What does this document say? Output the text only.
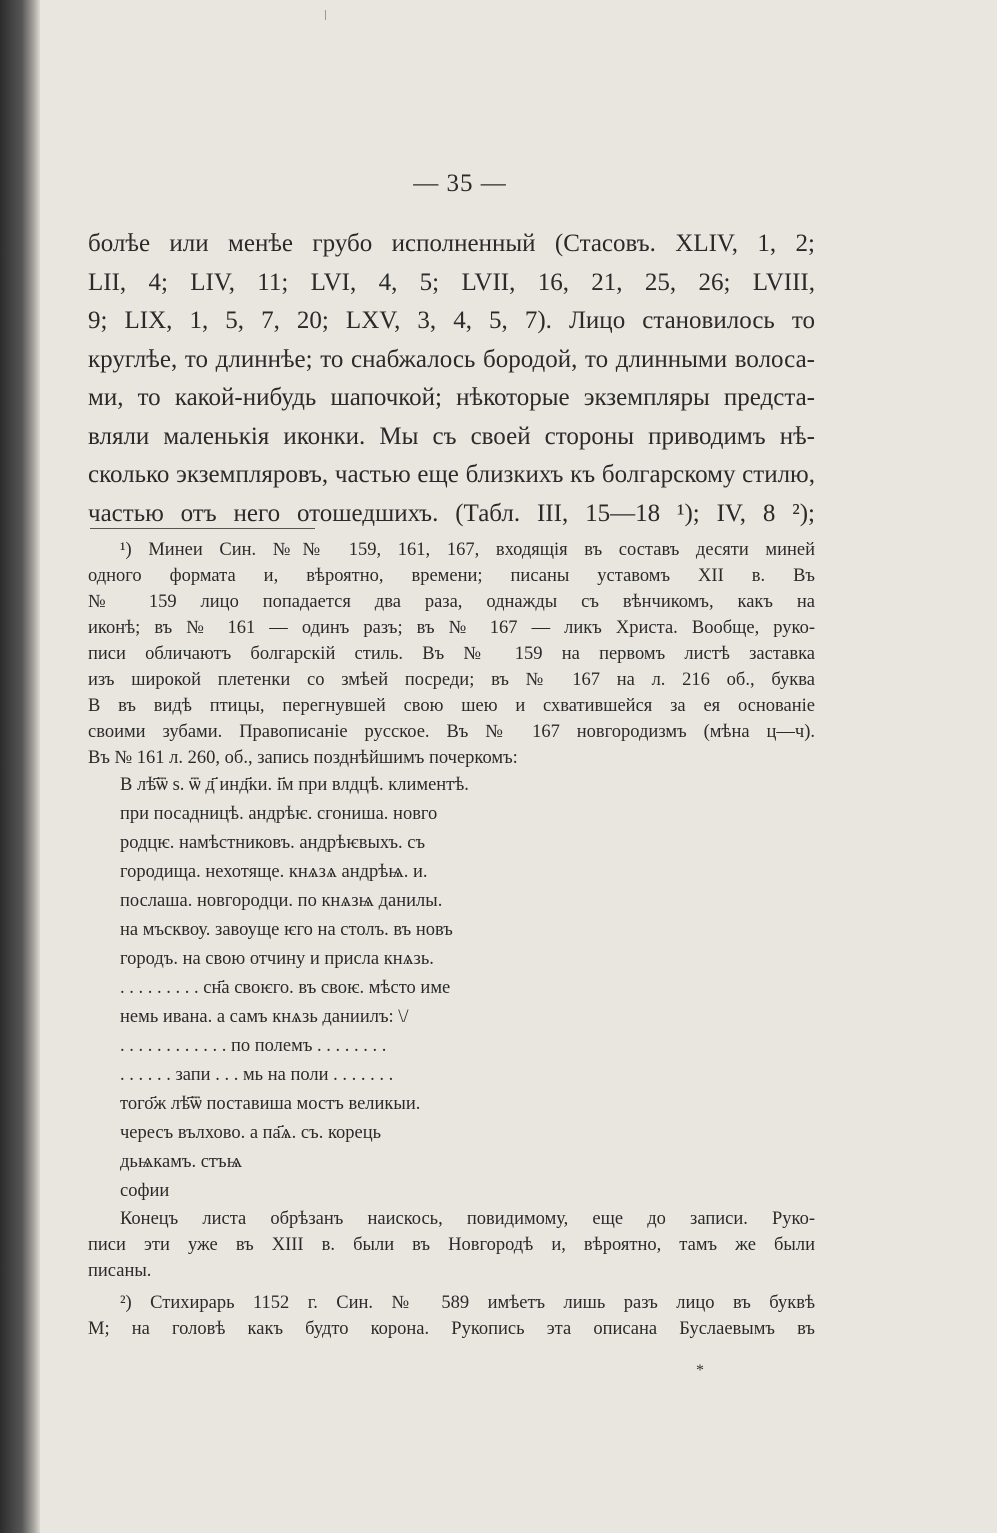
— 35 —
болѣе или менѣе грубо исполненный (Стасовъ. XLIV, 1, 2;
LII, 4; LIV, 11; LVI, 4, 5; LVII, 16, 21, 25, 26; LVIII,
9; LIX, 1, 5, 7, 20; LXV, 3, 4, 5, 7). Лицо становилось то
круглѣе, то длиннѣе; то снабжалось бородой, то длинными волоса-
ми, то какой-нибудь шапочкой; нѣкоторые экземпляры предста-
вляли маленькія иконки. Мы съ своей стороны приводимъ нѣ-
сколько экземпляровъ, частью еще близкихъ къ болгарскому стилю,
частью отъ него отошедшихъ. (Табл. III, 15—18 ¹); IV, 8 ²);
¹) Минеи Син. №№ 159, 161, 167, входящія въ составъ десяти миней
одного формата и, вѣроятно, времени; писаны уставомъ XII в. Въ
№ 159 лицо попадается два раза, однажды съ вѣнчикомъ, какъ на
иконѣ; въ № 161 — одинъ разъ; въ № 167 — ликъ Христа. Вообще, руко-
писи обличаютъ болгарскій стиль. Въ № 159 на первомъ листѣ заставка
изъ широкой плетенки со змѣей посреди; въ № 167 на л. 216 об., буква
В въ видѣ птицы, перегнувшей свою шею и схватившейся за ея основаніе
своими зубами. Правописаніе русское. Въ № 167 новгородизмъ (мѣна ц—ч).
Въ № 161 л. 260, об., запись позднѣйшимъ почеркомъ:
В лѣ҃ѿ ѕ. ѿ д҃ инд҃ки. і҃м при влдцѣ. климентѣ.
при посадницѣ. андрѣѥ. сгониша. новго
родцѥ. намѣстниковъ. андрѣѥвыхъ. съ
городища. нехотяще. кнѧзѧ андрѣѩ. и.
послаша. новгородци. по кнѧзѩ данилы.
на мъсквоу. завоуще ѥго на столъ. въ новъ
городъ. на свою отчину и присла кнѧзь.
. . . . . . . . . сн҃а своѥго. въ своѥ. мѣсто име
немь ивана. а самъ кнѧзь даниилъ: \/
. . . . . . . . . . . . по полемъ . . . . . . . .
. . . . . . запи . . . мь на поли . . . . . . .
того҃ж лѣ҃ѿ поставиша мостъ великыи.
чересъ вълхово. а па҃ѧ. съ. корець
дьѩкамъ. стъѩ
софии
Конецъ листа обрѣзанъ наискось, повидимому, еще до записи. Руко-
писи эти уже въ XIII в. были въ Новгородѣ и, вѣроятно, тамъ же были
писаны.
²) Стихирарь 1152 г. Син. № 589 имѣетъ лишь разъ лицо въ буквѣ
М; на головѣ какъ будто корона. Рукопись эта описана Буслаевымъ въ
*
